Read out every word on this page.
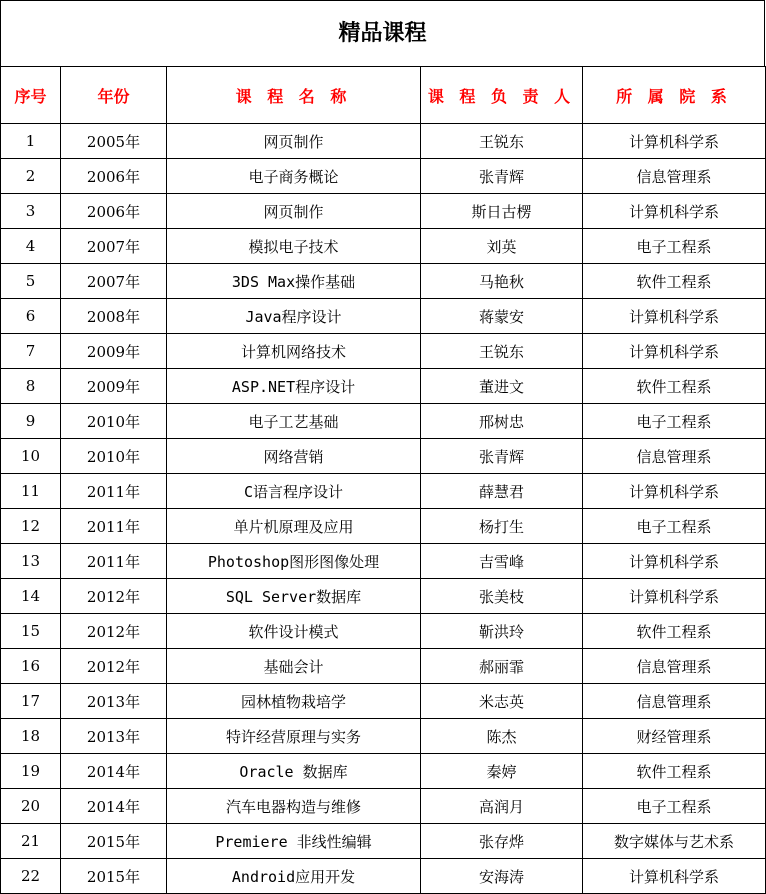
精品课程
序号	年份	课 程 名 称	课 程 负 责 人	所 属 院 系
1	2005年	网页制作	王锐东	计算机科学系
2	2006年	电子商务概论	张青辉	信息管理系
3	2006年	网页制作	斯日古楞	计算机科学系
4	2007年	模拟电子技术	刘英	电子工程系
5	2007年	3DS Max操作基础	马艳秋	软件工程系
6	2008年	Java程序设计	蒋蒙安	计算机科学系
7	2009年	计算机网络技术	王锐东	计算机科学系
8	2009年	ASP.NET程序设计	董进文	软件工程系
9	2010年	电子工艺基础	邢树忠	电子工程系
10	2010年	网络营销	张青辉	信息管理系
11	2011年	C语言程序设计	薛慧君	计算机科学系
12	2011年	单片机原理及应用	杨打生	电子工程系
13	2011年	Photoshop图形图像处理	吉雪峰	计算机科学系
14	2012年	SQL Server数据库	张美枝	计算机科学系
15	2012年	软件设计模式	靳洪玲	软件工程系
16	2012年	基础会计	郝丽霏	信息管理系
17	2013年	园林植物栽培学	米志英	信息管理系
18	2013年	特许经营原理与实务	陈杰	财经管理系
19	2014年	Oracle 数据库	秦婷	软件工程系
20	2014年	汽车电器构造与维修	高润月	电子工程系
21	2015年	Premiere 非线性编辑	张存烨	数字媒体与艺术系
22	2015年	Android应用开发	安海涛	计算机科学系
